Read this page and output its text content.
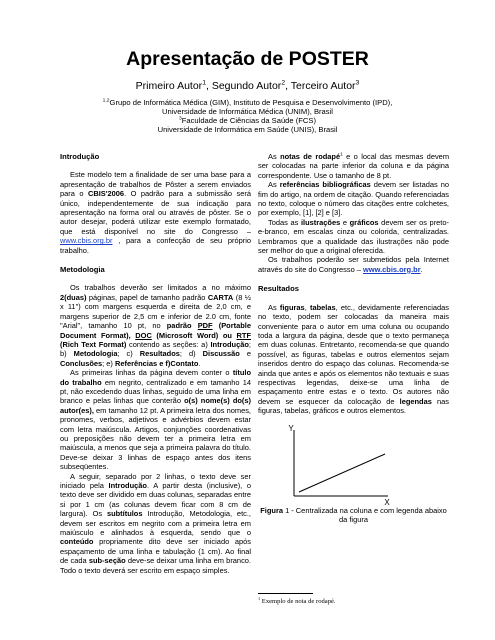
Apresentação de POSTER
Primeiro Autor$^1$, Segundo Autor$^2$, Terceiro Autor$^3$
$^{1,2}$Grupo de Informática Médica (GIM), Instituto de Pesquisa e Desenvolvimento (IPD),
Universidade de Informática Médica (UNIM), Brasil
$^3$Faculdade de Ciências da Saúde (FCS)
Universidade de Informática em Saúde (UNIS), Brasil
Introdução

Este modelo tem a finalidade de ser uma base para a apresentação de trabalhos de Pôster a serem enviados para o CBIS'2006. O padrão para a submissão será único, independentemente de sua indicação para apresentação na forma oral ou através de pôster. Se o autor desejar, poderá utilizar este exemplo formatado, que está disponível no site do Congresso – www.cbis.org.br , para a confecção de seu próprio trabalho.

Metodologia

Os trabalhos deverão ser limitados a no máximo 2(duas) páginas, papel de tamanho padrão CARTA (8 ½ x 11") com margens esquerda e direita de 2,0 cm, e margens superior de 2,5 cm e inferior de 2.0 cm, fonte "Arial", tamanho 10 pt, no padrão PDF (Portable Document Format), DOC (Microsoft Word) ou RTF (Rich Text Format) contendo as seções: a) Introdução; b) Metodologia; c) Resultados; d) Discussão e Conclusões; e) Referências e f)Contato.

As primeiras linhas da página devem conter o título do trabalho em negrito, centralizado e em tamanho 14 pt, não excedendo duas linhas, seguido de uma linha em branco e pelas linhas que conterão o(s) nome(s) do(s) autor(es), em tamanho 12 pt. A primeira letra dos nomes, pronomes, verbos, adjetivos e advérbios devem estar com letra maiúscula. Artigos, conjunções coordenativas ou preposições não devem ter a primeira letra em maiúscula, a menos que seja a primeira palavra do título. Deve-se deixar 3 linhas de espaço antes dos itens subseqüentes.

A seguir, separado por 2 linhas, o texto deve ser iniciado pela Introdução. A partir desta (inclusive), o texto deve ser dividido em duas colunas, separadas entre si por 1 cm (as colunas devem ficar com 8 cm de largura). Os subtítulos Introdução, Metodologia, etc., devem ser escritos em negrito com a primeira letra em maiúsculo e alinhados à esquerda, sendo que o conteúdo propriamente dito deve ser iniciado após espaçamento de uma linha e tabulação (1 cm). Ao final de cada sub-seção deve-se deixar uma linha em branco. Todo o texto deverá ser escrito em espaço simples.

As notas de rodapé$^1$ e o local das mesmas devem ser colocadas na parte inferior da coluna e da página correspondente. Use o tamanho de 8 pt.

As referências bibliográficas devem ser listadas no fim do artigo, na ordem de citação. Quando referenciadas no texto, coloque o número das citações entre colchetes, por exemplo, [1], [2] e [3].

Todas as ilustrações e gráficos devem ser os preto-e-branco, em escalas cinza ou colorida, centralizadas. Lembramos que a qualidade das ilustrações não pode ser melhor do que a original oferecida.

Os trabalhos poderão ser submetidos pela Internet através do site do Congresso – www.cbis.org.br.

Resultados

As figuras, tabelas, etc., devidamente referenciadas no texto, podem ser colocadas da maneira mais conveniente para o autor em uma coluna ou ocupando toda a largura da página, desde que o texto permaneça em duas colunas. Entretanto, recomenda-se que quando possível, as figuras, tabelas e outros elementos sejam inseridos dentro do espaço das colunas. Recomenda-se ainda que antes e após os elementos não textuais e suas respectivas legendas, deixe-se uma linha de espaçamento entre estas e o texto. Os autores não devem se esquecer da colocação de legendas nas figuras, tabelas, gráficos e outros elementos.

Y
X
Figura 1 - Centralizada na coluna e com legenda abaixo da figura
$^1$ Exemplo de nota de rodapé.
